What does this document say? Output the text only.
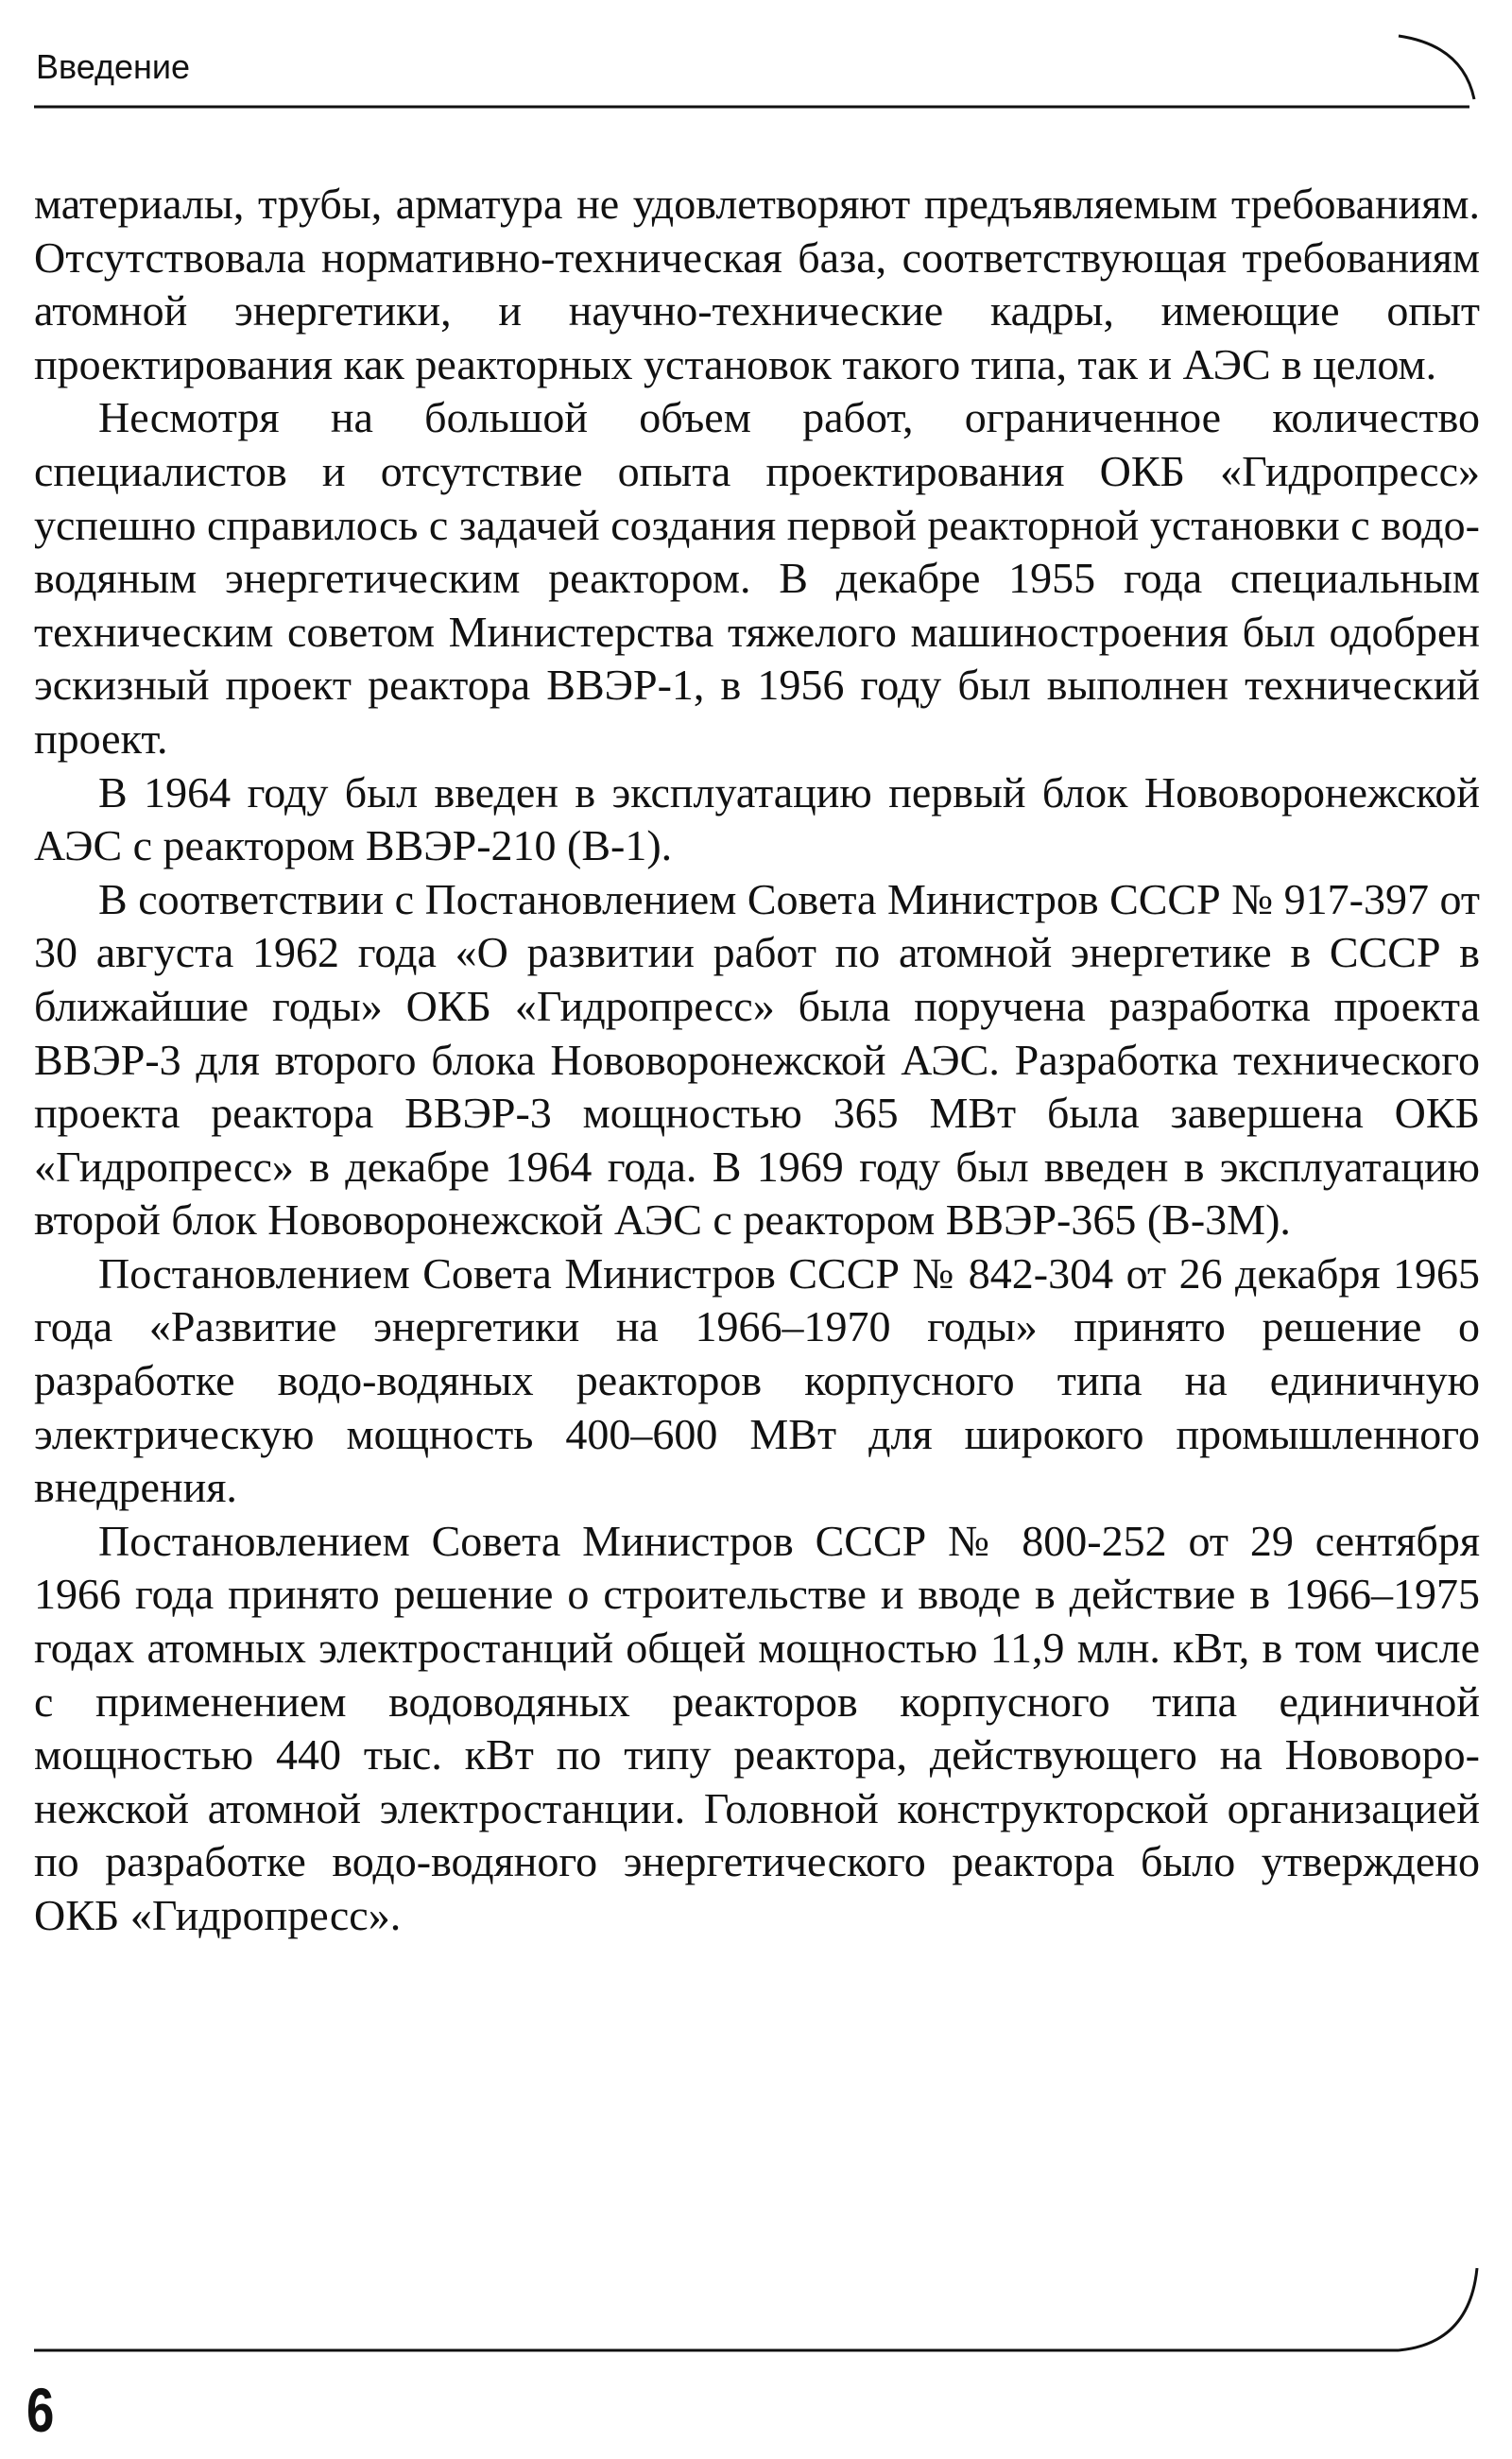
Введение

материалы, трубы, арматура не удовлетворяют предъявляемым требованиям. Отсутствовала нормативно-техническая база, соответствующая требованиям атомной энергетики, и научно-технические кадры, имеющие опыт проектирования как реакторных установок такого типа, так и АЭС в целом.

Несмотря на большой объем работ, ограниченное количество специалистов и отсутствие опыта проектирования ОКБ «Гидропресс» успешно справилось с задачей создания первой реакторной установки с водо-водяным энергетическим реактором. В декабре 1955 года специальным техническим советом Министерства тяжелого машиностроения был одобрен эскизный проект реактора ВВЭР-1, в 1956 году был выполнен технический проект.

В 1964 году был введен в эксплуатацию первый блок Нововоронежской АЭС с реактором ВВЭР-210 (В-1).

В соответствии с Постановлением Совета Министров СССР № 917-397 от 30 августа 1962 года «О развитии работ по атомной энергетике в СССР в ближайшие годы» ОКБ «Гидропресс» была поручена разработка проекта ВВЭР-3 для второго блока Нововоронежской АЭС. Разработка технического проекта реактора ВВЭР-3 мощностью 365 МВт была завершена ОКБ «Гидропресс» в декабре 1964 года. В 1969 году был введен в эксплуатацию второй блок Нововоронежской АЭС с реактором ВВЭР-365 (В-3М).

Постановлением Совета Министров СССР № 842-304 от 26 декабря 1965 года «Развитие энергетики на 1966–1970 годы» принято решение о разработке водо-водяных реакторов корпусного типа на единичную электрическую мощность 400–600 МВт для широкого промышленного внедрения.

Постановлением Совета Министров СССР № 800-252 от 29 сентября 1966 года принято решение о строительстве и вводе в действие в 1966–1975 годах атомных электростанций общей мощностью 11,9 млн. кВт, в том числе с применением водоводяных реакторов корпусного типа единичной мощностью 440 тыс. кВт по типу реактора, действующего на Нововоронежской атомной электростанции. Головной конструкторской организацией по разработке водо-водяного энергетического реактора было утверждено ОКБ «Гидропресс».

6
